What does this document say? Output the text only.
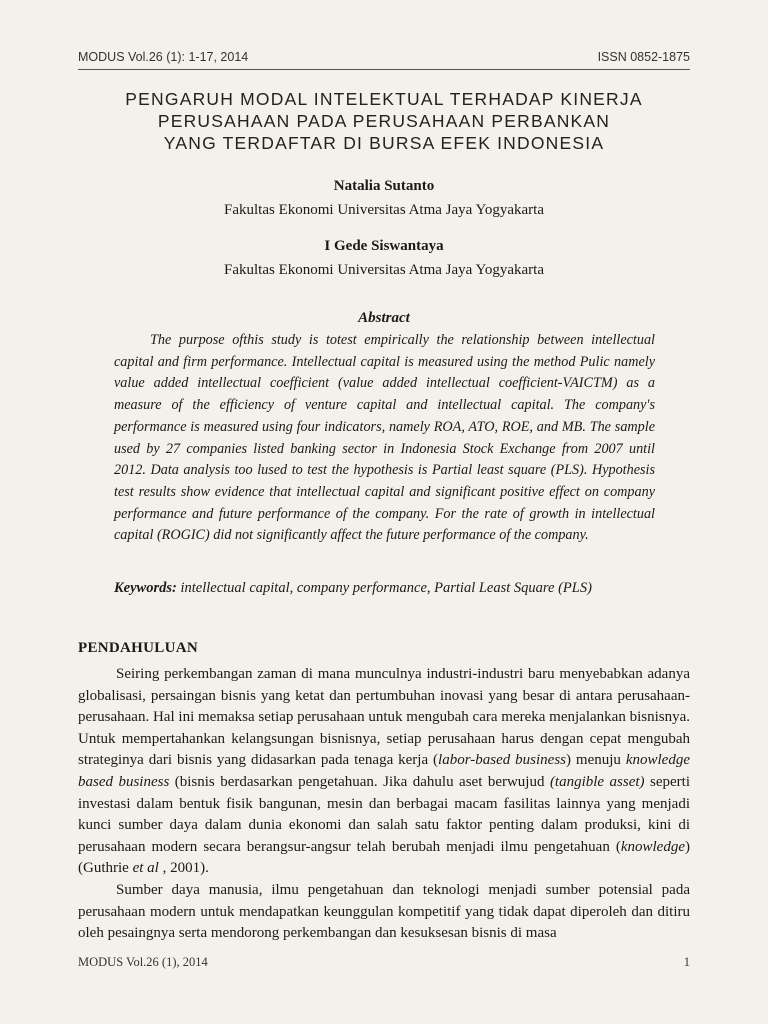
MODUS Vol.26 (1): 1-17, 2014	ISSN 0852-1875
PENGARUH MODAL INTELEKTUAL TERHADAP KINERJA
PERUSAHAAN PADA PERUSAHAAN PERBANKAN
YANG TERDAFTAR DI BURSA EFEK INDONESIA
Natalia Sutanto
Fakultas Ekonomi Universitas Atma Jaya Yogyakarta
I Gede Siswantaya
Fakultas Ekonomi Universitas Atma Jaya Yogyakarta
Abstract

The purpose ofthis study is totest empirically the relationship between intellectual capital and firm performance. Intellectual capital is measured using the method Pulic namely value added intellectual coefficient (value added intellectual coefficient-VAICTM) as a measure of the efficiency of venture capital and intellectual capital. The company's performance is measured using four indicators, namely ROA, ATO, ROE, and MB. The sample used by 27 companies listed banking sector in Indonesia Stock Exchange from 2007 until 2012. Data analysis too lused to test the hypothesis is Partial least square (PLS). Hypothesis test results show evidence that intellectual capital and significant positive effect on company performance and future performance of the company. For the rate of growth in intellectual capital (ROGIC) did not significantly affect the future performance of the company.

Keywords: intellectual capital, company performance, Partial Least Square (PLS)
PENDAHULUAN

Seiring perkembangan zaman di mana munculnya industri-industri baru menyebabkan adanya globalisasi, persaingan bisnis yang ketat dan pertumbuhan inovasi yang besar di antara perusahaan-perusahaan. Hal ini memaksa setiap perusahaan untuk mengubah cara mereka menjalankan bisnisnya. Untuk mempertahankan kelangsungan bisnisnya, setiap perusahaan harus dengan cepat mengubah strateginya dari bisnis yang didasarkan pada tenaga kerja (labor-based business) menuju knowledge based business (bisnis berdasarkan pengetahuan. Jika dahulu aset berwujud (tangible asset) seperti investasi dalam bentuk fisik bangunan, mesin dan berbagai macam fasilitas lainnya yang menjadi kunci sumber daya dalam dunia ekonomi dan salah satu faktor penting dalam produksi, kini di perusahaan modern secara berangsur-angsur telah berubah menjadi ilmu pengetahuan (knowledge) (Guthrie et al , 2001).

Sumber daya manusia, ilmu pengetahuan dan teknologi menjadi sumber potensial pada perusahaan modern untuk mendapatkan keunggulan kompetitif yang tidak dapat diperoleh dan ditiru oleh pesaingnya serta mendorong perkembangan dan kesuksesan bisnis di masa

MODUS Vol.26 (1), 2014	1
